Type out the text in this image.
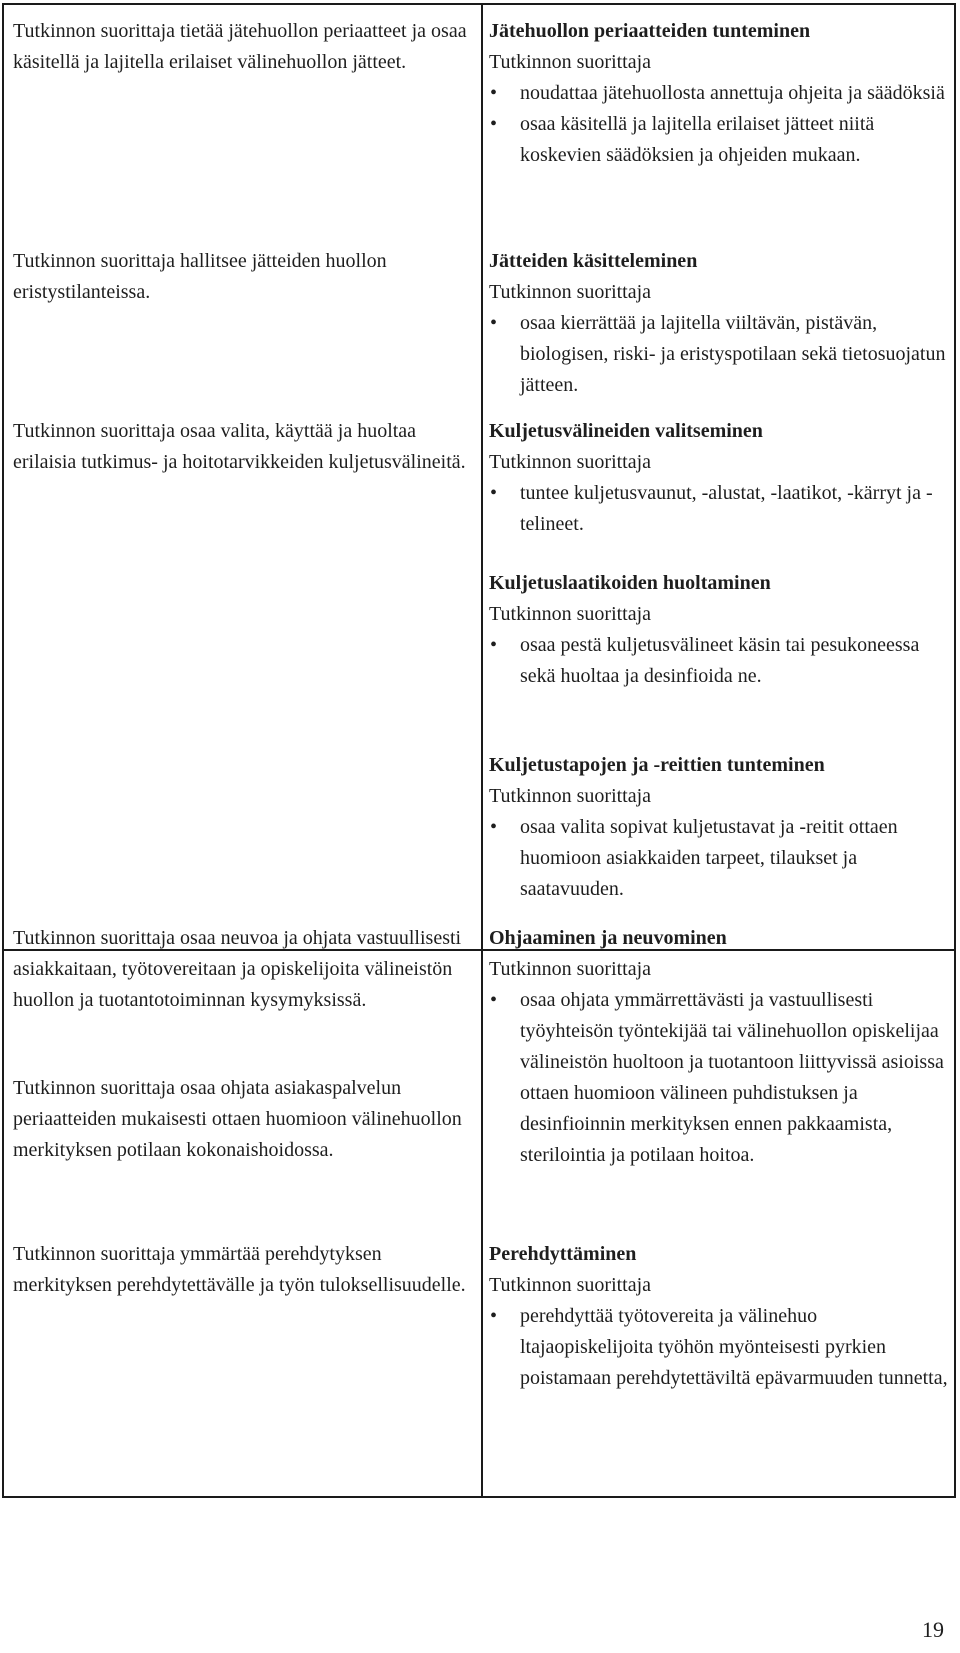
Tutkinnon suorittaja tietää jätehuollon periaatteet ja osaa käsitellä ja lajitella erilaiset välinehuollon jätteet.

Tutkinnon suorittaja hallitsee jätteiden huollon eristystilanteissa.

Tutkinnon suorittaja osaa valita, käyttää ja huoltaa erilaisia tutkimus- ja hoitotarvikkeiden kuljetusvälineitä.

Tutkinnon suorittaja osaa neuvoa ja ohjata vastuullisesti asiakkaitaan, työtovereitaan ja opiskelijoita välineistön huollon ja tuotantotoiminnan kysymyksissä.

Tutkinnon suorittaja osaa ohjata asiakaspalvelun periaatteiden mukaisesti ottaen huomioon välinehuollon merkityksen potilaan kokonaishoidossa.

Tutkinnon suorittaja ymmärtää perehdytyksen merkityksen perehdytettävälle ja työn tuloksellisuudelle.

Jätehuollon periaatteiden tunteminen

Tutkinnon suorittaja

• noudattaa jätehuollosta annettuja ohjeita ja säädöksiä
• osaa käsitellä ja lajitella erilaiset jätteet niitä koskevien säädöksien ja ohjeiden mukaan.

Jätteiden käsitteleminen

Tutkinnon suorittaja

• osaa kierrättää ja lajitella viiltävän, pistävän, biologisen, riski- ja eristyspotilaan sekä tietosuojatun jätteen.

Kuljetusvälineiden valitseminen

Tutkinnon suorittaja

• tuntee kuljetusvaunut, -alustat, -laatikot, -kärryt ja -telineet.

Kuljetuslaatikoiden huoltaminen

Tutkinnon suorittaja

• osaa pestä kuljetusvälineet käsin tai pesukoneessa sekä huoltaa ja desinfioida ne.

Kuljetustapojen ja -reittien tunteminen

Tutkinnon suorittaja

• osaa valita sopivat kuljetustavat ja -reitit ottaen huomioon asiakkaiden tarpeet, tilaukset ja saatavuuden.

Ohjaaminen ja neuvominen

Tutkinnon suorittaja

• osaa ohjata ymmärrettävästi ja vastuullisesti työyhteisön työntekijää tai välinehuollon opiskelijaa välineistön huoltoon ja tuotantoon liittyvissä asioissa ottaen huomioon välineen puhdistuksen ja desinfioinnin merkityksen ennen pakkaamista, sterilointia ja potilaan hoitoa.

Perehdyttäminen

Tutkinnon suorittaja

• perehdyttää työtovereita ja välinehuo ltajaopiskelijoita työhön myönteisesti pyrkien poistamaan perehdytettäviltä epävarmuuden tunnetta,

19
